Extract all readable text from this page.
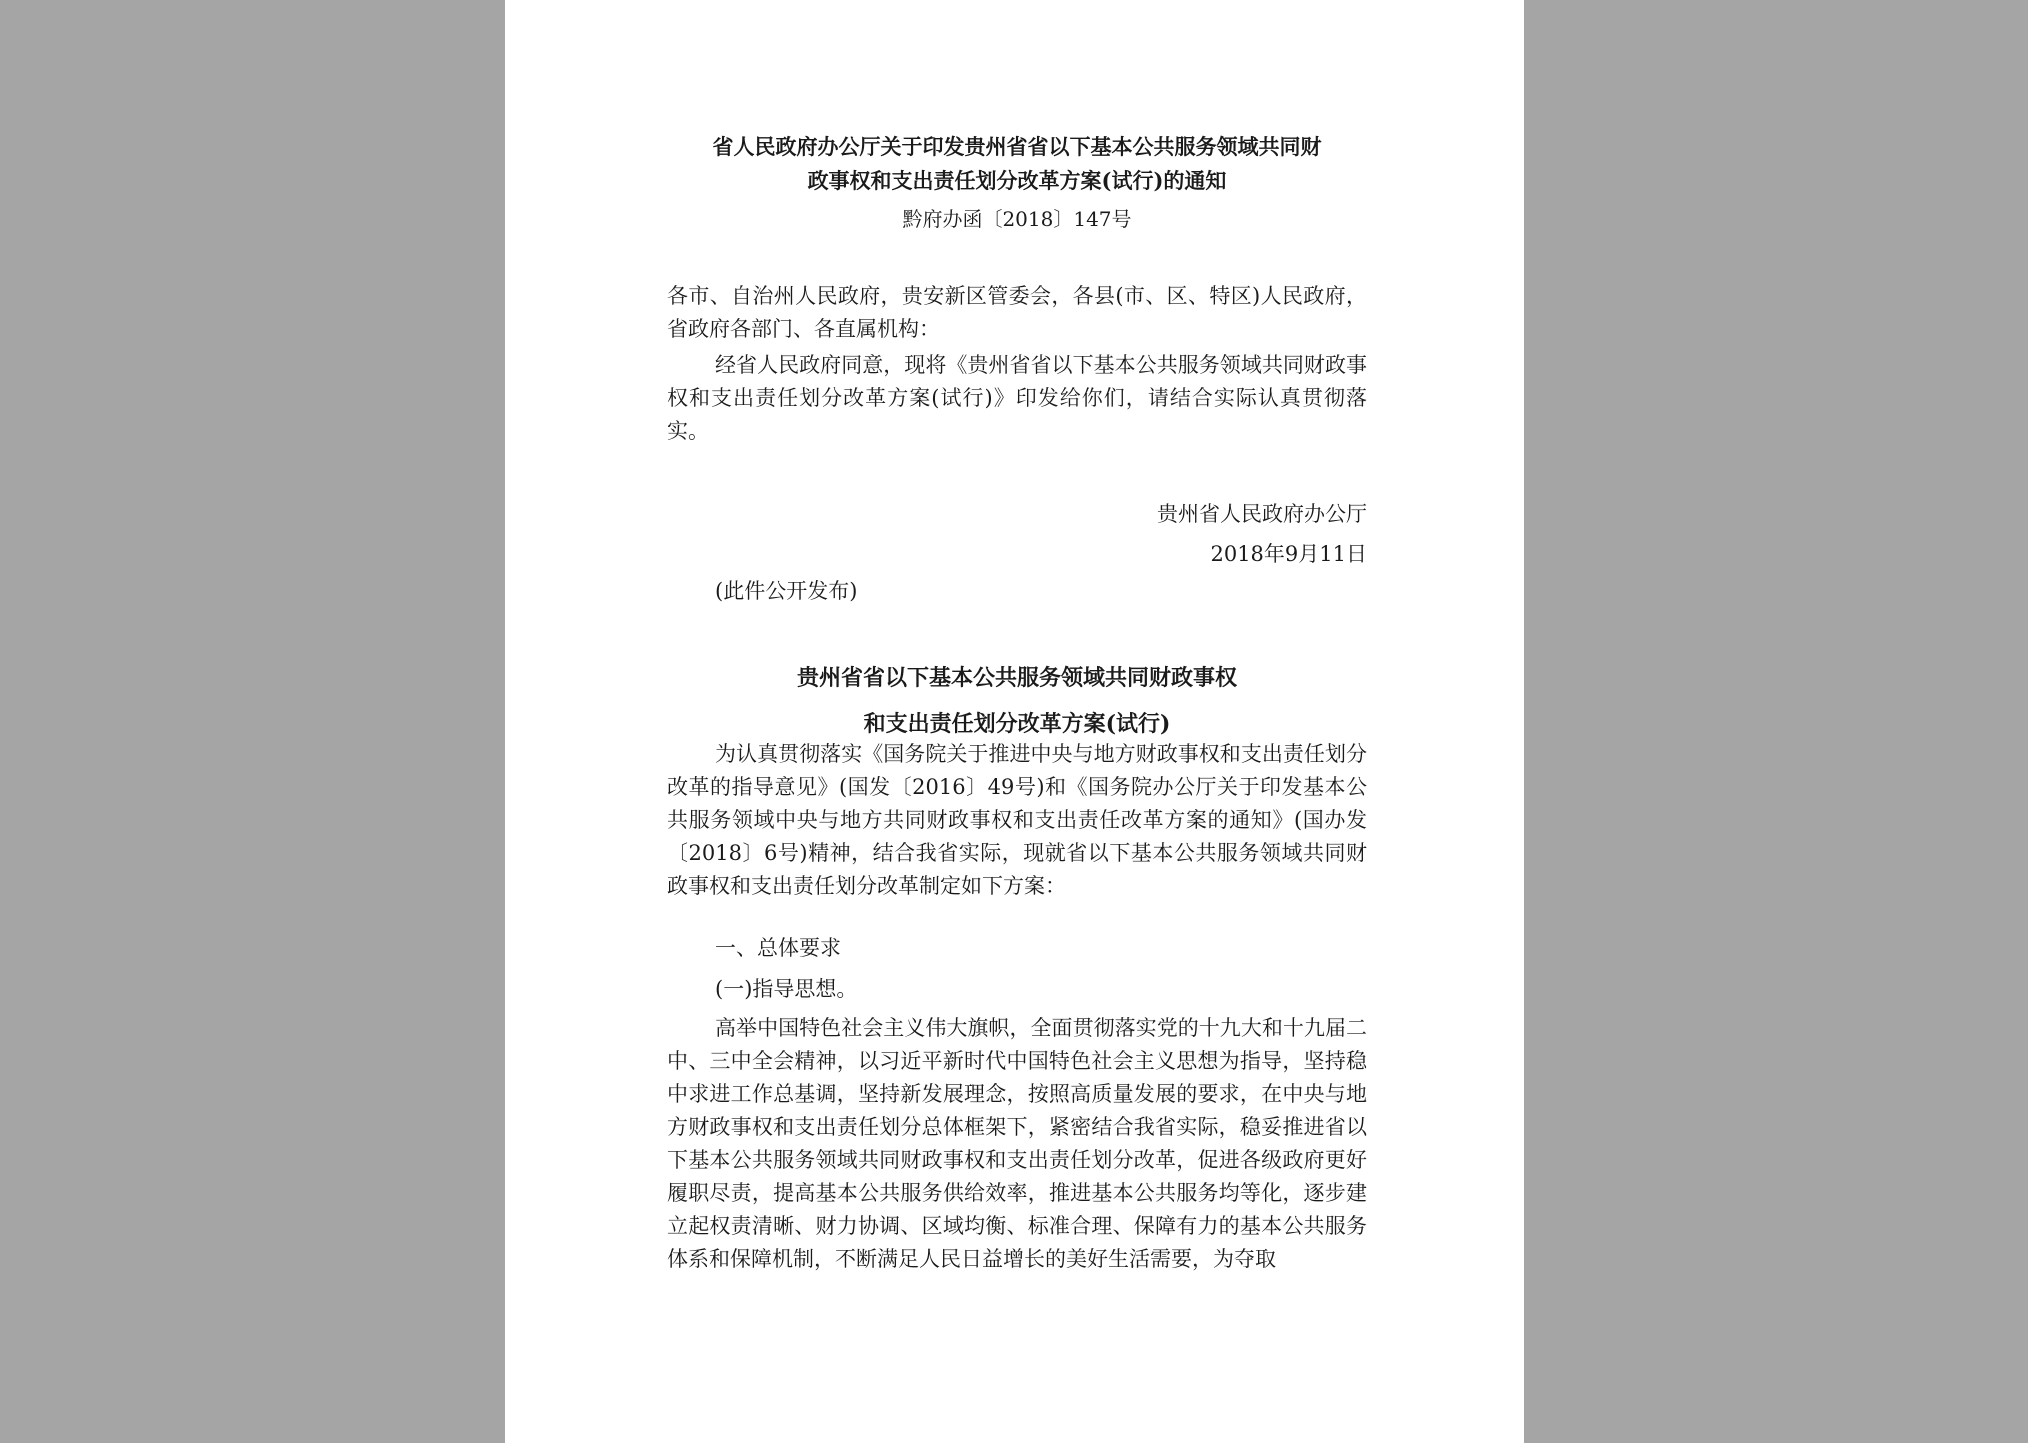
省人民政府办公厅关于印发贵州省省以下基本公共服务领域共同财
政事权和支出责任划分改革方案(试行)的通知
黔府办函〔2018〕147号
各市、自治州人民政府，贵安新区管委会，各县(市、区、特区)人民政府，省政府各部门、各直属机构：
经省人民政府同意，现将《贵州省省以下基本公共服务领域共同财政事权和支出责任划分改革方案(试行)》印发给你们，请结合实际认真贯彻落实。
贵州省人民政府办公厅
2018年9月11日
(此件公开发布)
贵州省省以下基本公共服务领域共同财政事权
和支出责任划分改革方案(试行)
为认真贯彻落实《国务院关于推进中央与地方财政事权和支出责任划分改革的指导意见》(国发〔2016〕49号)和《国务院办公厅关于印发基本公共服务领域中央与地方共同财政事权和支出责任改革方案的通知》(国办发〔2018〕6号)精神，结合我省实际，现就省以下基本公共服务领域共同财政事权和支出责任划分改革制定如下方案：
一、总体要求
(一)指导思想。
高举中国特色社会主义伟大旗帜，全面贯彻落实党的十九大和十九届二中、三中全会精神，以习近平新时代中国特色社会主义思想为指导，坚持稳中求进工作总基调，坚持新发展理念，按照高质量发展的要求，在中央与地方财政事权和支出责任划分总体框架下，紧密结合我省实际，稳妥推进省以下基本公共服务领域共同财政事权和支出责任划分改革，促进各级政府更好履职尽责，提高基本公共服务供给效率，推进基本公共服务均等化，逐步建立起权责清晰、财力协调、区域均衡、标准合理、保障有力的基本公共服务体系和保障机制，不断满足人民日益增长的美好生活需要，为夺取
